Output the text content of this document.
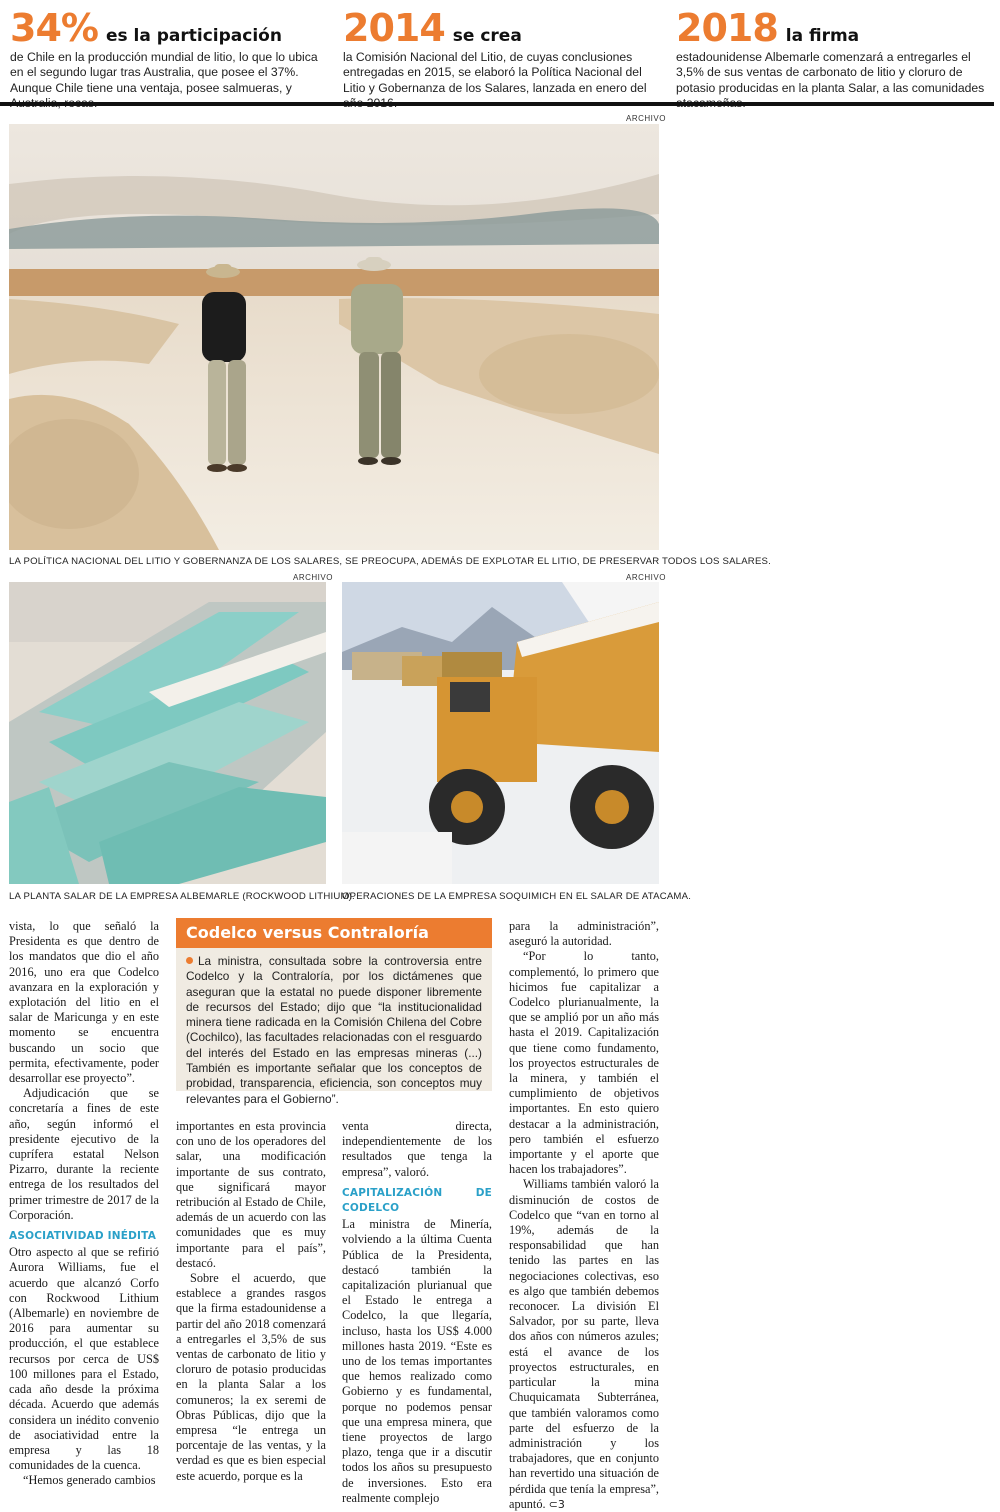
34% es la participación
de Chile en la producción mundial de litio, lo que lo ubica en el segundo lugar tras Australia, que posee el 37%. Aunque Chile tiene una ventaja, posee salmueras, y
2014 se crea
la Comisión Nacional del Litio, de cuyas conclusiones entregadas en 2015, se elaboró la Política Nacional del Litio y Gobernanza de los Salares, lanzada en enero del
2018 la firma
estadounidense Albemarle comenzará a entregarles el 3,5% de sus ventas de carbonato de litio y cloruro de potasio producidas en la planta Salar, a las comunidades
ARCHIVO
LA POLÍTICA NACIONAL DEL LITIO Y GOBERNANZA DE LOS SALARES, SE PREOCUPA, ADEMÁS DE EXPLOTAR EL LITIO, DE PRESERVAR TODOS LOS SALARES.
ARCHIVO
LA PLANTA SALAR DE LA EMPRESA ALBEMARLE (ROCKWOOD LITHIUM).
ARCHIVO
OPERACIONES DE LA EMPRESA SOQUIMICH EN EL SALAR DE ATACAMA.

vista, lo que señaló la Presidenta es que dentro de los mandatos que dio el año 2016, uno era que Codelco avanzara en la exploración y explotación del litio en el salar de Maricunga y en este momento se encuentra buscando un socio que permita, efectivamente, poder desarrollar ese proyecto”.

Adjudicación que se concretaría a fines de este año, según informó el presidente ejecutivo de la cuprífera estatal Nelson Pizarro, durante la reciente entrega de los resultados del primer trimestre de 2017 de la Corporación.

ASOCIATIVIDAD INÉDITA

Otro aspecto al que se refirió Aurora Williams, fue el acuerdo que alcanzó Corfo con Rockwood Lithium (Albemarle) en noviembre de 2016 para aumentar su producción, el que establece recursos por cerca de US$ 100 millones para el Estado, cada año desde la próxima década. Acuerdo que además considera un inédito convenio de asociatividad entre la empresa y las 18 comunidades de la cuenca.

“Hemos generado cambios

Codelco versus Contraloría
La ministra, consultada sobre la controversia entre Codelco y la Contraloría, por los dictámenes que aseguran que la estatal no puede disponer libremente de recursos del Estado; dijo que “la institucionalidad minera tiene radicada en la Comisión Chilena del Cobre (Cochilco), las facultades relacionadas con el resguardo del interés del Estado en las empresas mineras (...) También es importante señalar que los conceptos de probidad, transparencia, eficiencia, son conceptos muy relevantes para el Gobierno”.

importantes en esta provincia con uno de los operadores del salar, una modificación importante de sus contrato, que significará mayor retribución al Estado de Chile, además de un acuerdo con las comunidades que es muy importante para el país”, destacó.

Sobre el acuerdo, que establece a grandes rasgos que la firma estadounidense a partir del año 2018 comenzará a entregarles el 3,5% de sus ventas de carbonato de litio y cloruro de potasio producidas en la planta Salar a los comuneros; la ex seremi de Obras Públicas, dijo que la empresa “le entrega un porcentaje de las ventas, y la verdad es que es bien especial este acuerdo, porque es la

venta directa, independientemente de los resultados que tenga la empresa”, valoró.

CAPITALIZACIÓN DE CODELCO

La ministra de Minería, volviendo a la última Cuenta Pública de la Presidenta, destacó también la capitalización plurianual que el Estado le entrega a Codelco, la que llegaría, incluso, hasta los US$ 4.000 millones hasta 2019. “Este es uno de los temas importantes que hemos realizado como Gobierno y es fundamental, porque no podemos pensar que una empresa minera, que tiene proyectos de largo plazo, tenga que ir a discutir todos los años su presupuesto de inversiones. Esto era realmente complejo

para la administración”, aseguró la autoridad.

“Por lo tanto, complementó, lo primero que hicimos fue capitalizar a Codelco plurianualmente, la que se amplió por un año más hasta el 2019. Capitalización que tiene como fundamento, los proyectos estructurales de la minera, y también el cumplimiento de objetivos importantes. En esto quiero destacar a la administración, pero también el esfuerzo importante y el aporte que hacen los trabajadores”.

Williams también valoró la disminución de costos de Codelco que “van en torno al 19%, además de la responsabilidad que han tenido las partes en las negociaciones colectivas, eso es algo que también debemos reconocer. La división El Salvador, por su parte, lleva dos años con números azules; está el avance de los proyectos estructurales, en particular la mina Chuquicamata Subterránea, que también valoramos como parte del esfuerzo de la administración y los trabajadores, que en conjunto han revertido una situación de pérdida que tenía la empresa”, apuntó. ⊂3
